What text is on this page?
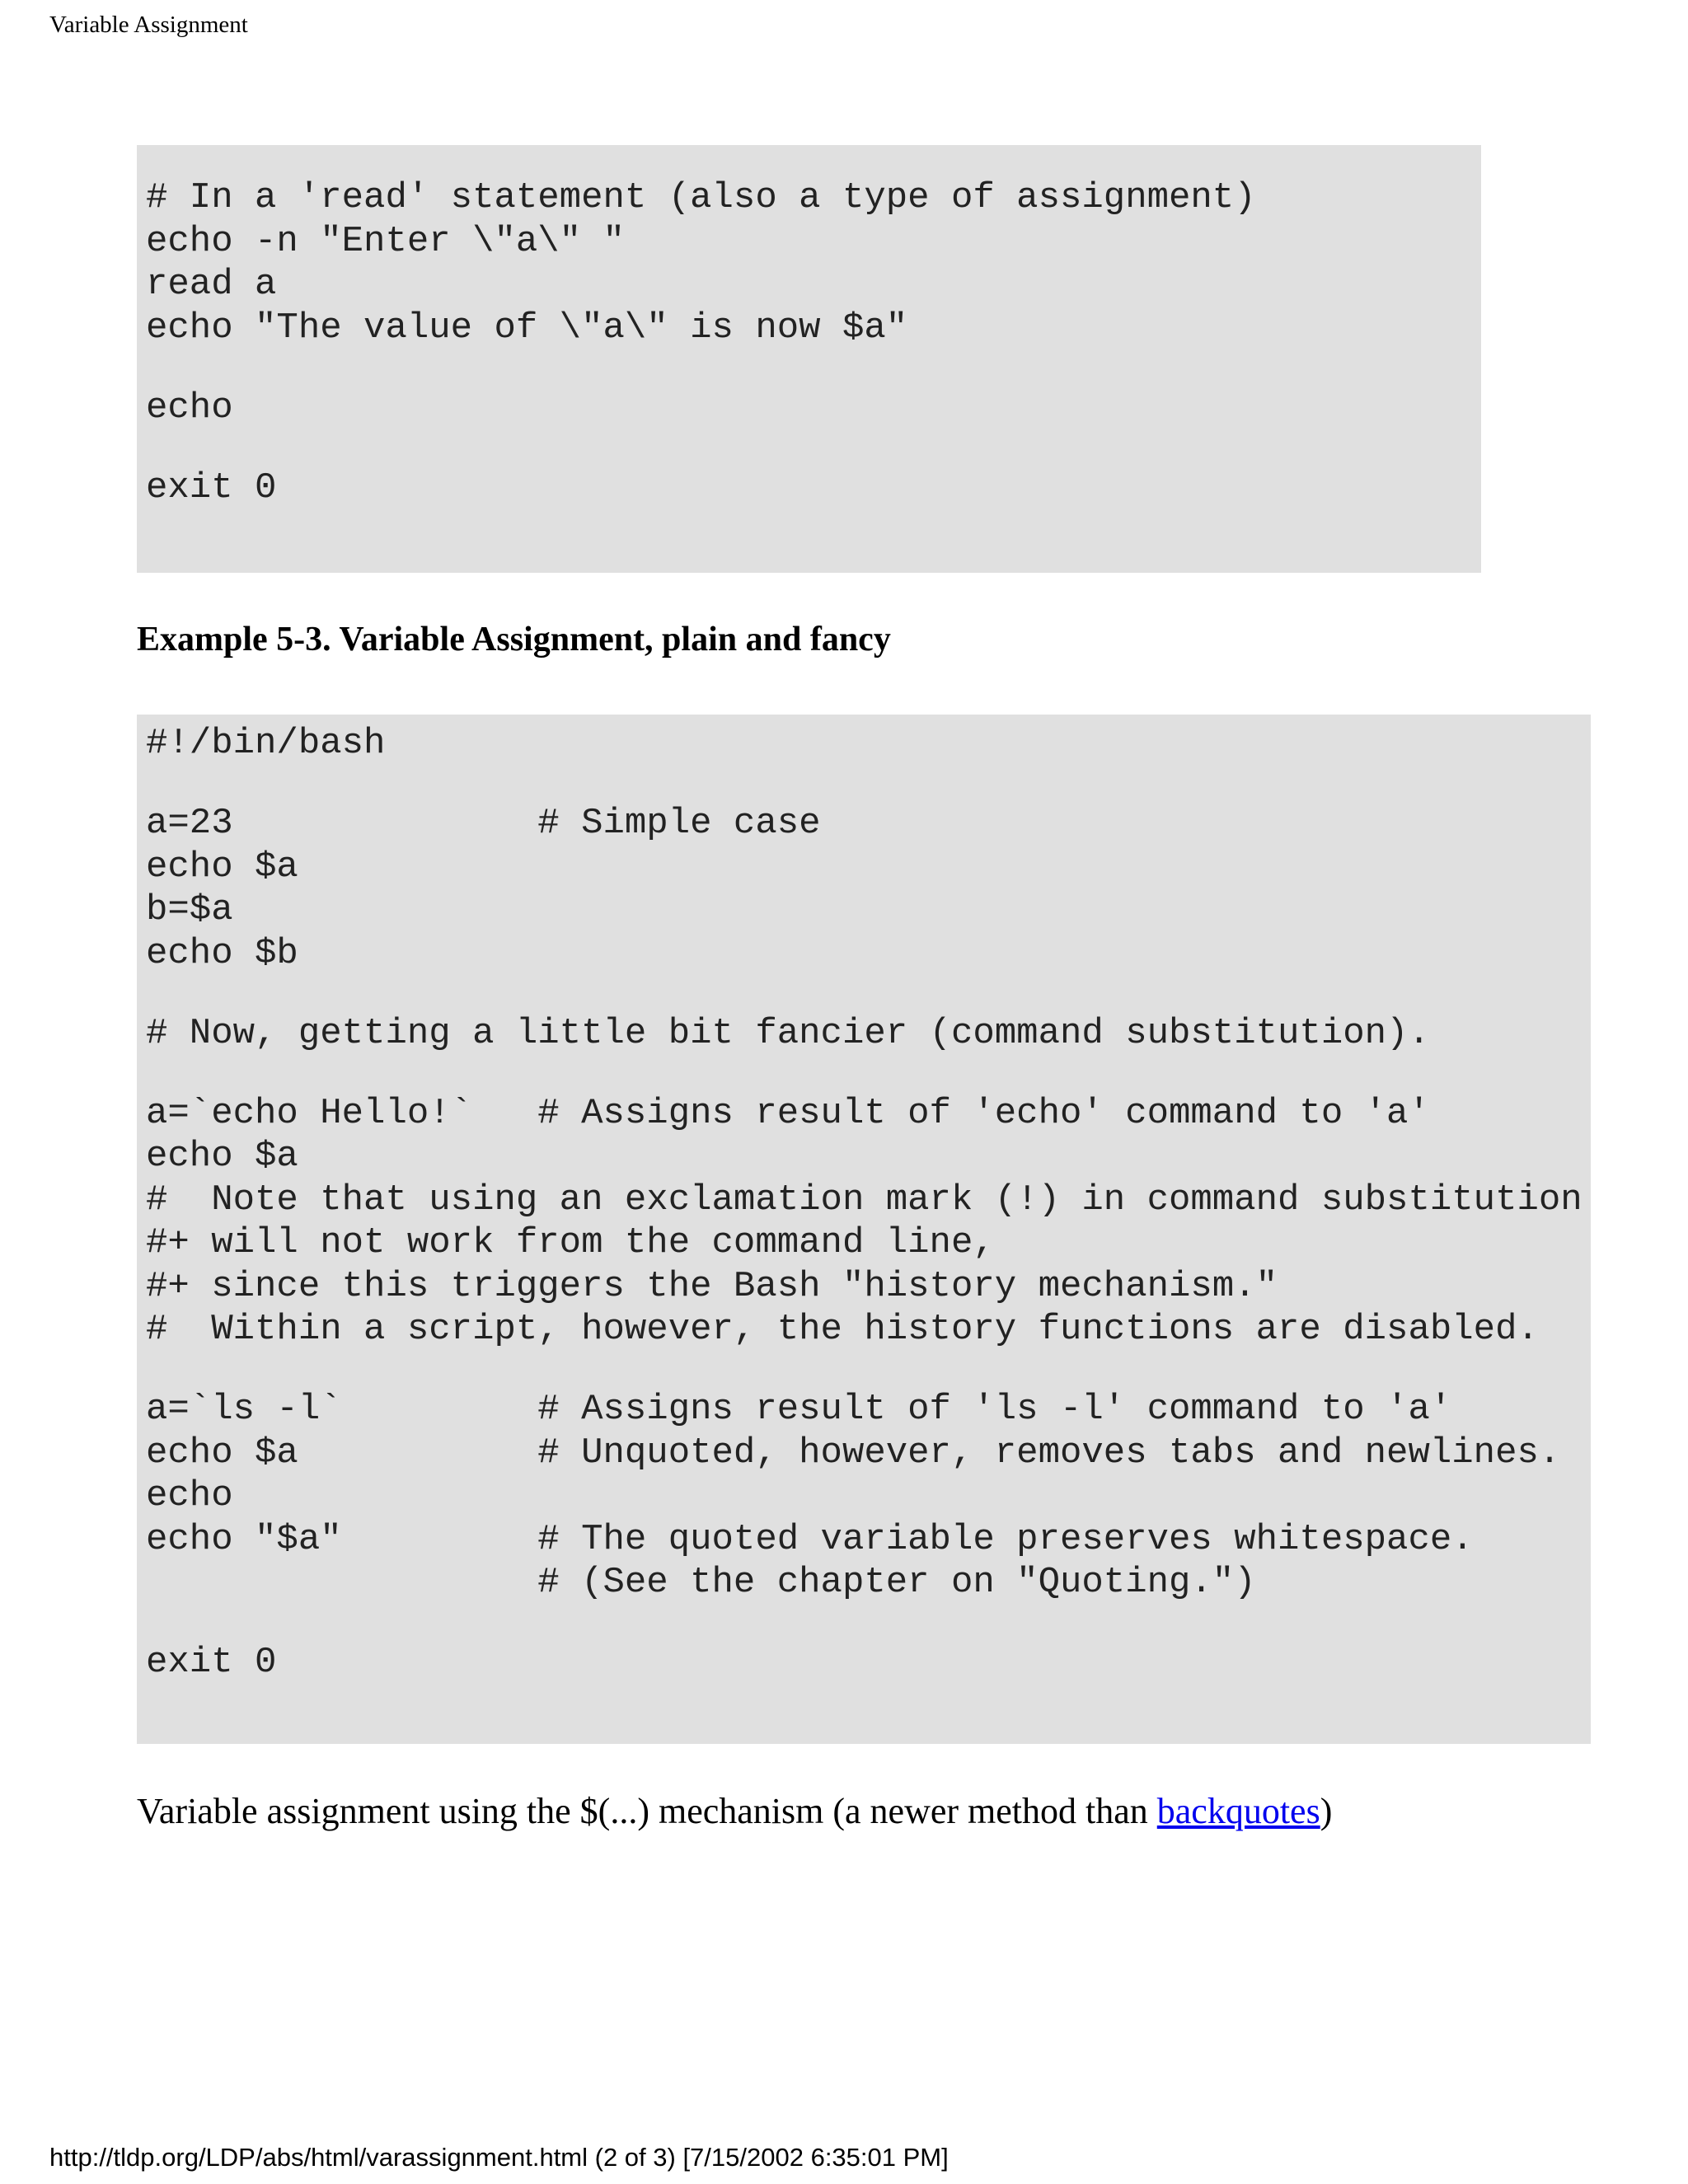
Variable Assignment
# In a 'read' statement (also a type of assignment)
echo -n "Enter \"a\" "
read a
echo "The value of \"a\" is now $a"
echo
exit 0
Example 5-3. Variable Assignment, plain and fancy
#!/bin/bash
a=23              # Simple case
echo $a
b=$a
echo $b
# Now, getting a little bit fancier (command substitution).
a=`echo Hello!`   # Assigns result of 'echo' command to 'a'
echo $a
#  Note that using an exclamation mark (!) in command substitution
#+ will not work from the command line,
#+ since this triggers the Bash "history mechanism."
#  Within a script, however, the history functions are disabled.
a=`ls -l`         # Assigns result of 'ls -l' command to 'a'
echo $a           # Unquoted, however, removes tabs and newlines.
echo
echo "$a"         # The quoted variable preserves whitespace.
# (See the chapter on "Quoting.")
exit 0

Variable assignment using the $(...) mechanism (a newer method than backquotes)

http://tldp.org/LDP/abs/html/varassignment.html (2 of 3) [7/15/2002 6:35:01 PM]
